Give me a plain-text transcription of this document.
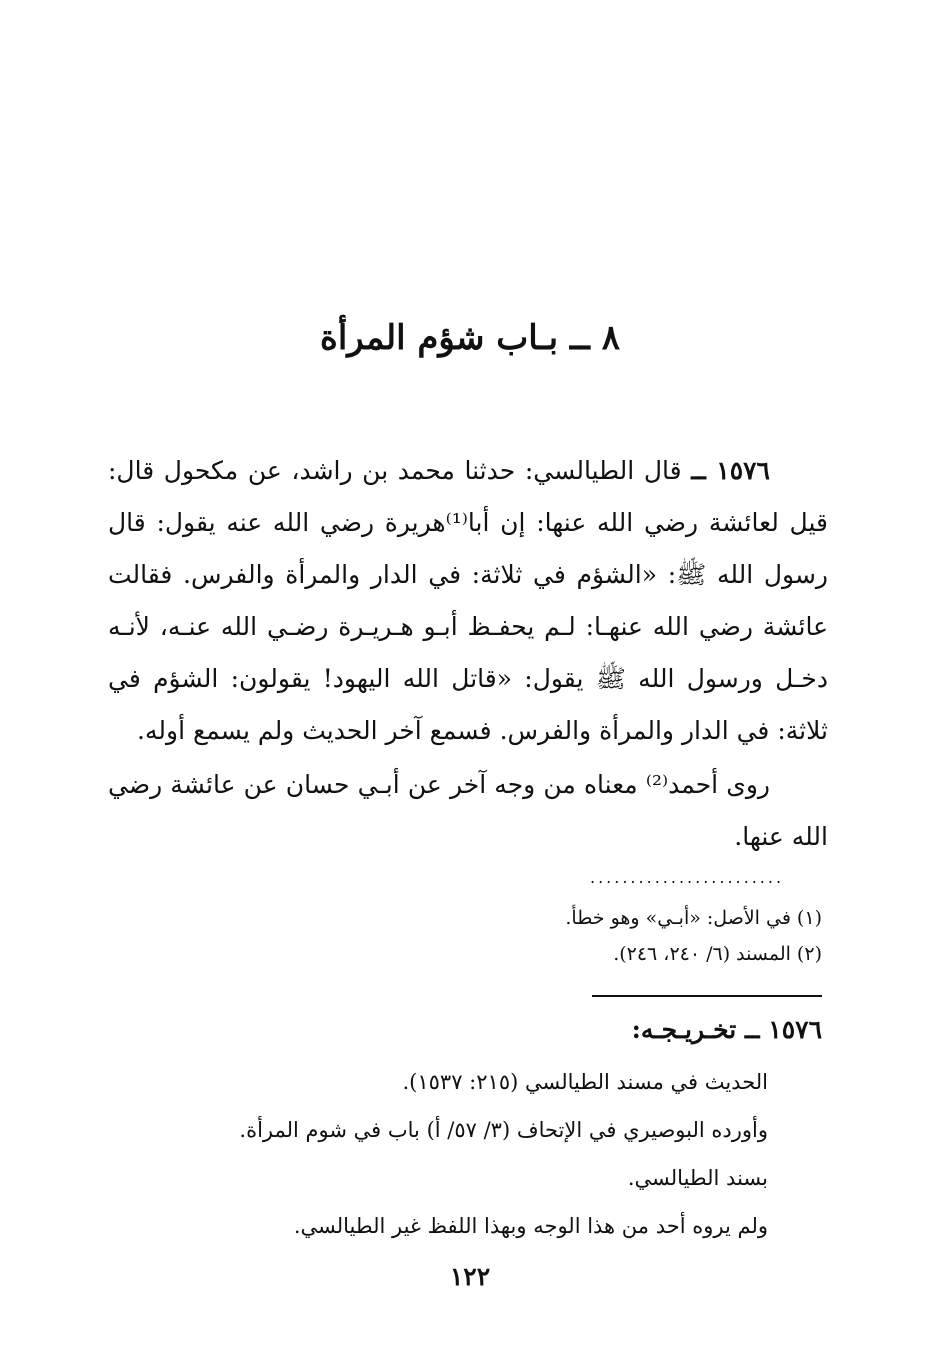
٨ ــ بـاب شؤم المرأة

١٥٧٦ ــ قال الطيالسي: حدثنا محمد بن راشد، عن مكحول قال: قيل لعائشة رضي الله عنها: إن أبا⁽¹⁾هريرة رضي الله عنه يقول: قال رسول الله ﷺ: «الشؤم في ثلاثة: في الدار والمرأة والفرس. فقالت عائشة رضي الله عنهـا: لـم يحفـظ أبـو هـريـرة رضـي الله عنـه، لأنـه دخـل ورسول الله ﷺ يقول: «قاتل الله اليهود! يقولون: الشؤم في ثلاثة: في الدار والمرأة والفرس. فسمع آخر الحديث ولم يسمع أوله.

روى أحمد⁽²⁾ معناه من وجه آخر عن أبـي حسان عن عائشة رضي الله عنها.

........................
(١) في الأصل: «أبـي» وهو خطأ.
(٢) المسند (٦/ ٢٤٠، ٢٤٦).
١٥٧٦ ــ تخـريـجـه:
الحديث في مسند الطيالسي (٢١٥: ١٥٣٧).
وأورده البوصيري في الإتحاف (٣/ ٥٧/ أ) باب في شوم المرأة.
بسند الطيالسي.
ولم يروه أحد من هذا الوجه وبهذا اللفظ غير الطيالسي.
١٢٢
